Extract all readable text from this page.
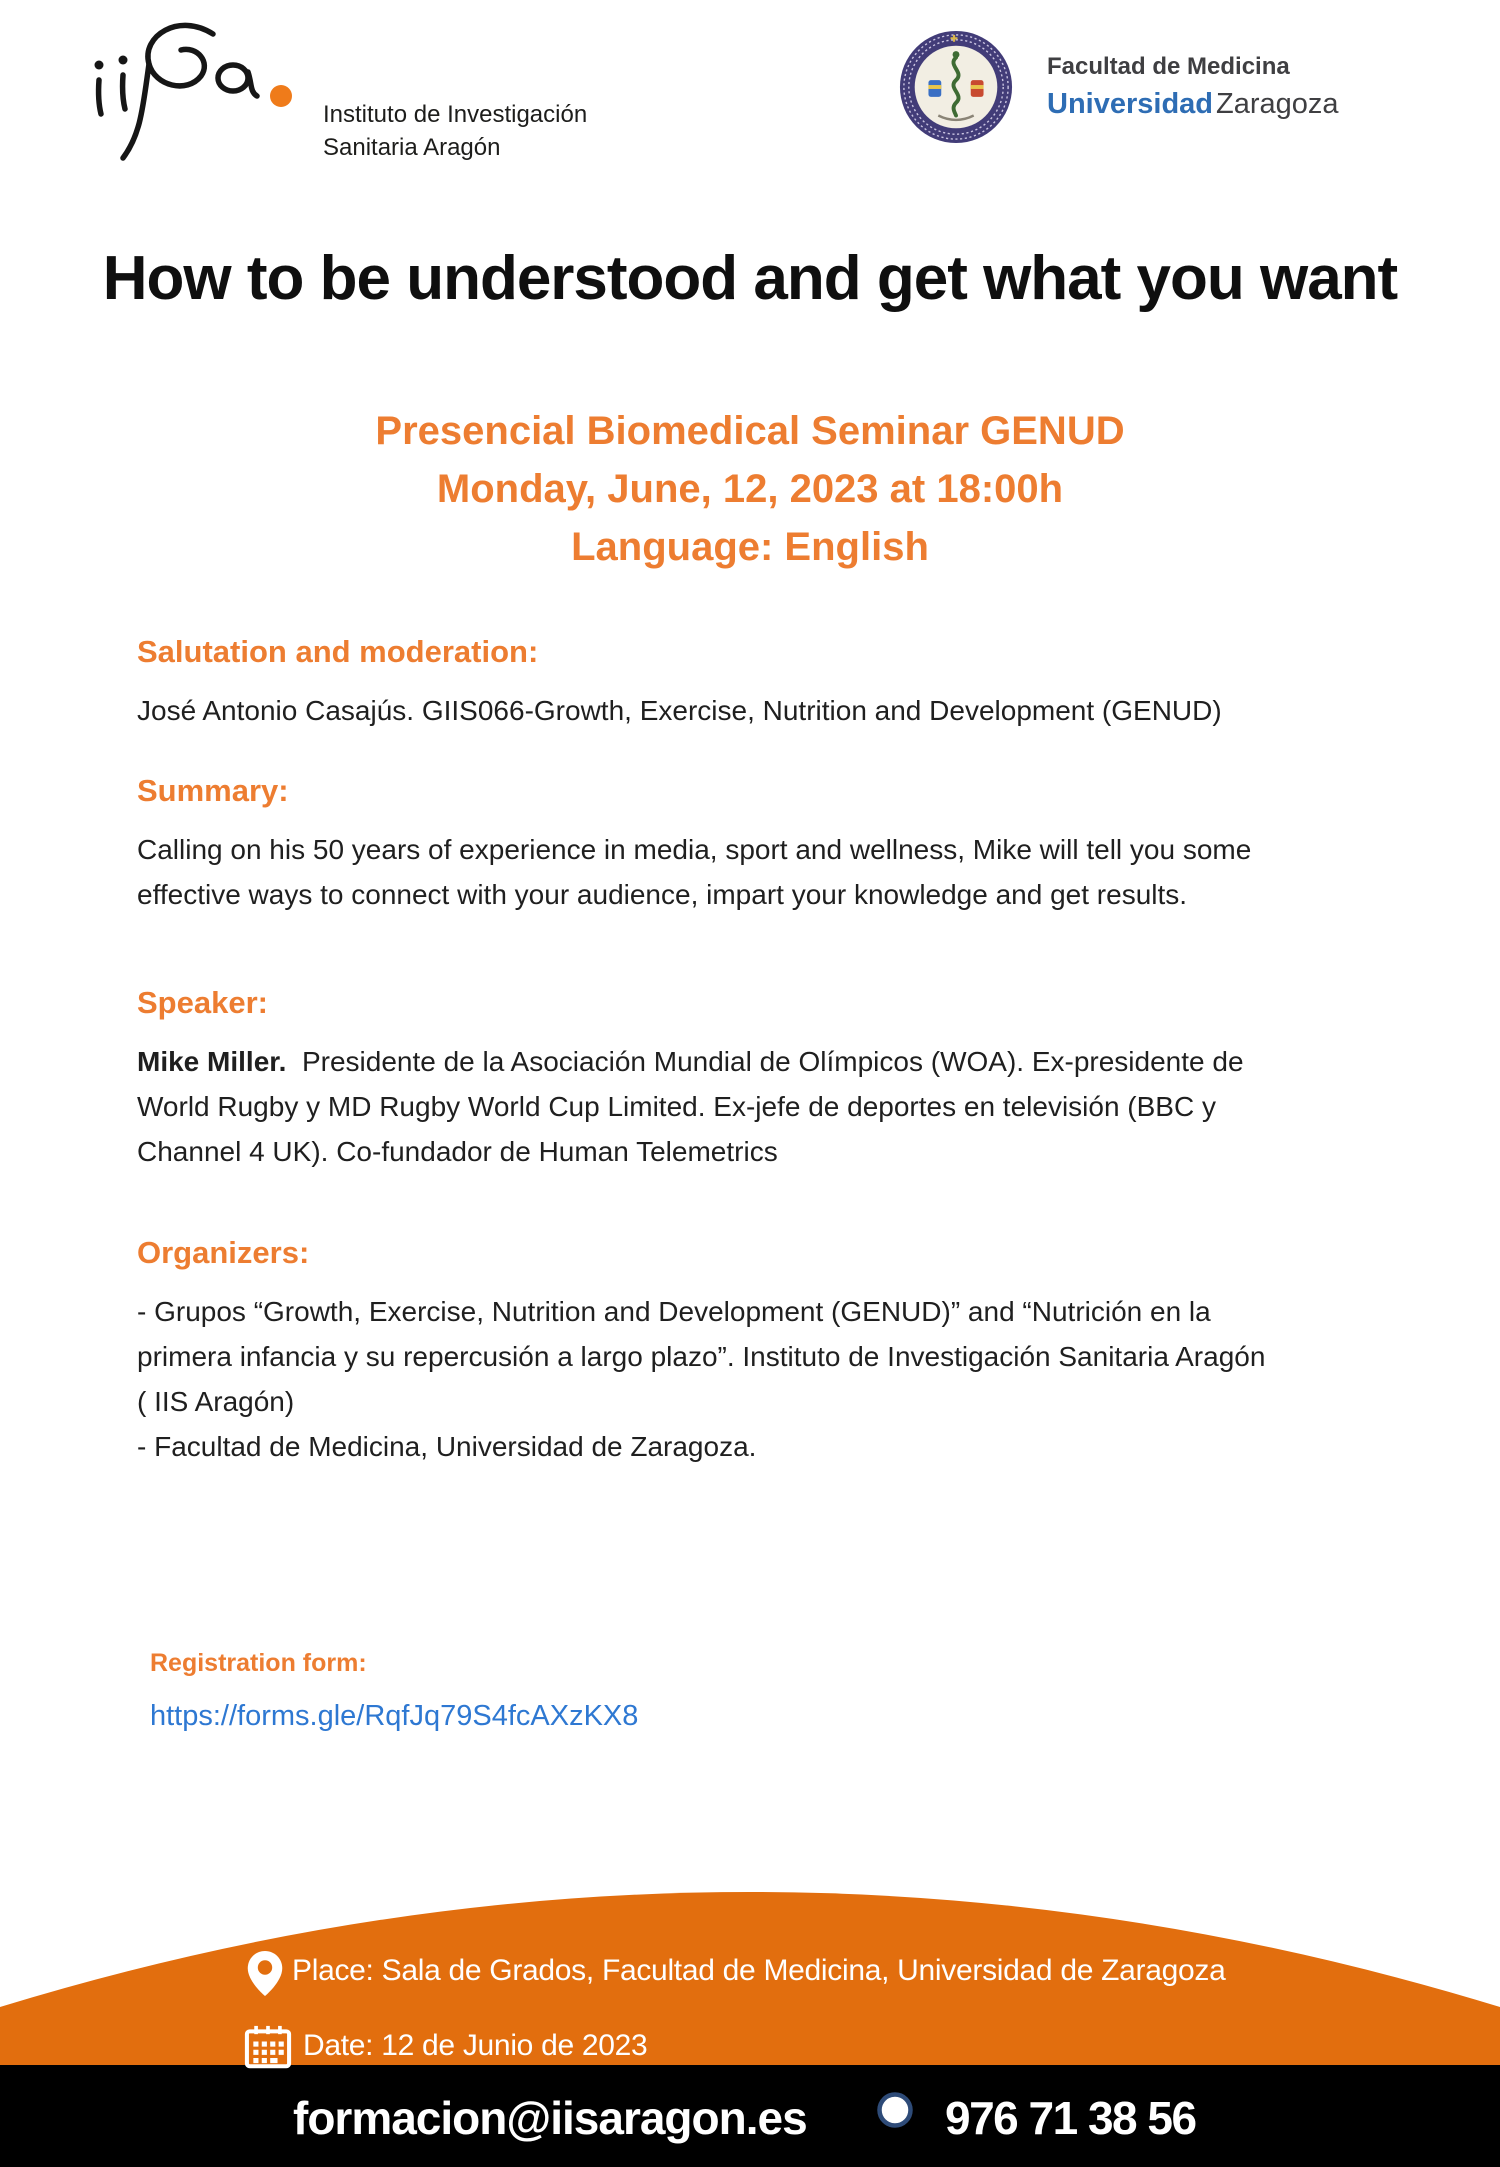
Instituto de Investigación
Sanitaria Aragón
Facultad de Medicina
Universidad Zaragoza
How to be understood and get what you want
Presencial Biomedical Seminar GENUD
Monday, June, 12, 2023 at 18:00h
Language: English
Salutation and moderation:
José Antonio Casajús. GIIS066-Growth, Exercise, Nutrition and Development (GENUD)
Summary:
Calling on his 50 years of experience in media, sport and wellness, Mike will tell you some
effective ways to connect with your audience, impart your knowledge and get results.
Speaker:
Mike Miller.  Presidente de la Asociación Mundial de Olímpicos (WOA). Ex-presidente de
World Rugby y MD Rugby World Cup Limited. Ex-jefe de deportes en televisión (BBC y
Channel 4 UK). Co-fundador de Human Telemetrics
Organizers:
- Grupos “Growth, Exercise, Nutrition and Development (GENUD)” and “Nutrición en la
primera infancia y su repercusión a largo plazo”. Instituto de Investigación Sanitaria Aragón
( IIS Aragón)
- Facultad de Medicina, Universidad de Zaragoza.
Registration form:
https://forms.gle/RqfJq79S4fcAXzKX8
Place: Sala de Grados, Facultad de Medicina, Universidad de Zaragoza
Date: 12 de Junio de 2023
formacion@iisaragon.es	976 71 38 56
